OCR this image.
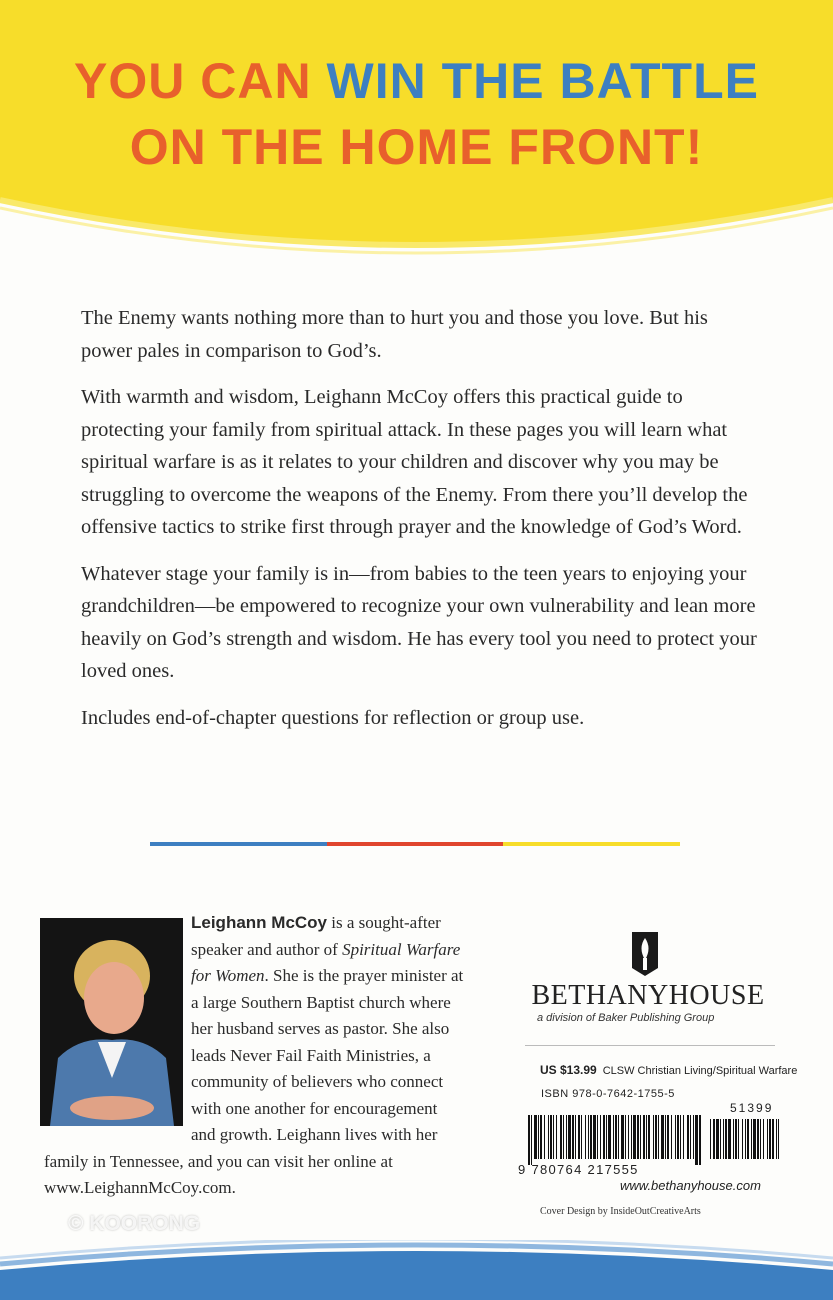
YOU CAN WIN THE BATTLE
ON THE HOME FRONT!

The Enemy wants nothing more than to hurt you and those you love. But his power pales in comparison to God’s.

With warmth and wisdom, Leighann McCoy offers this practical guide to protecting your family from spiritual attack. In these pages you will learn what spiritual warfare is as it relates to your children and discover why you may be struggling to overcome the weapons of the Enemy. From there you’ll develop the offensive tactics to strike first through prayer and the knowledge of God’s Word.

Whatever stage your family is in—from babies to the teen years to enjoying your grandchildren—be empowered to recognize your own vulnerability and lean more heavily on God’s strength and wisdom. He has every tool you need to protect your loved ones.

Includes end-of-chapter questions for reflection or group use.

Leighann McCoy is a sought-after speaker and author of Spiritual Warfare for Women. She is the prayer minister at a large Southern Baptist church where her husband serves as pastor. She also leads Never Fail Faith Ministries, a community of believers who connect with one another for encouragement and growth. Leighann lives with her family in Tennessee, and you can visit her online at www.LeighannMcCoy.com.
BETHANYHOUSE
a division of Baker Publishing Group
US $13.99 CLSW Christian Living/Spiritual Warfare
ISBN 978-0-7642-1755-5
51399
9 780764 217555
www.bethanyhouse.com
Cover Design by InsideOutCreativeArts
© KOORONG
